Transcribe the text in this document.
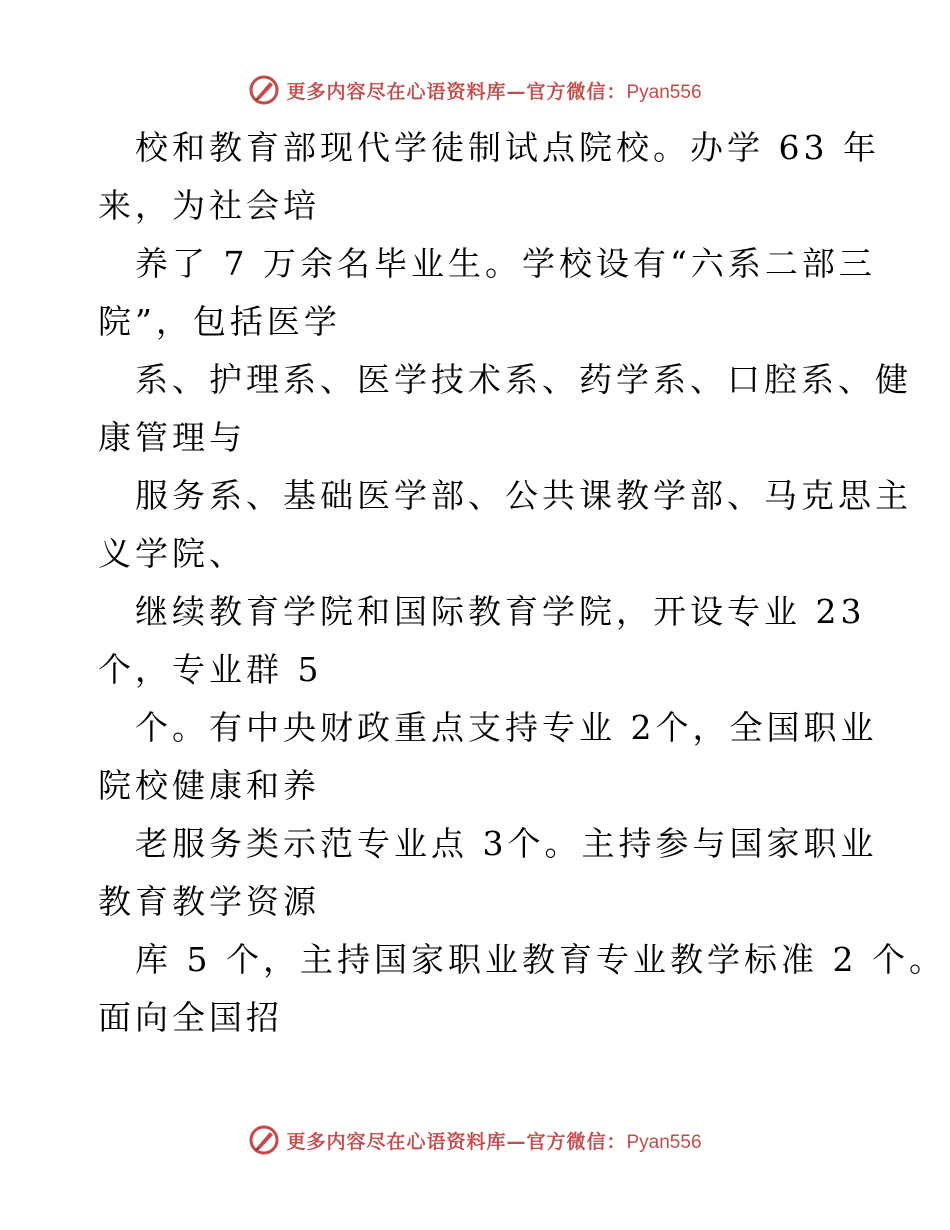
更多内容尽在心语资料库—官方微信：Pyan556
校和教育部现代学徒制试点院校。办学 63 年
来，为社会培
养了 7 万余名毕业生。学校设有“六系二部三
院”，包括医学
系、护理系、医学技术系、药学系、口腔系、健
康管理与
服务系、基础医学部、公共课教学部、马克思主
义学院、
继续教育学院和国际教育学院，开设专业 23
个，专业群 5
个。有中央财政重点支持专业 2个，全国职业
院校健康和养
老服务类示范专业点 3个。主持参与国家职业
教育教学资源
库 5 个，主持国家职业教育专业教学标准 2 个。
面向全国招
更多内容尽在心语资料库—官方微信：Pyan556
